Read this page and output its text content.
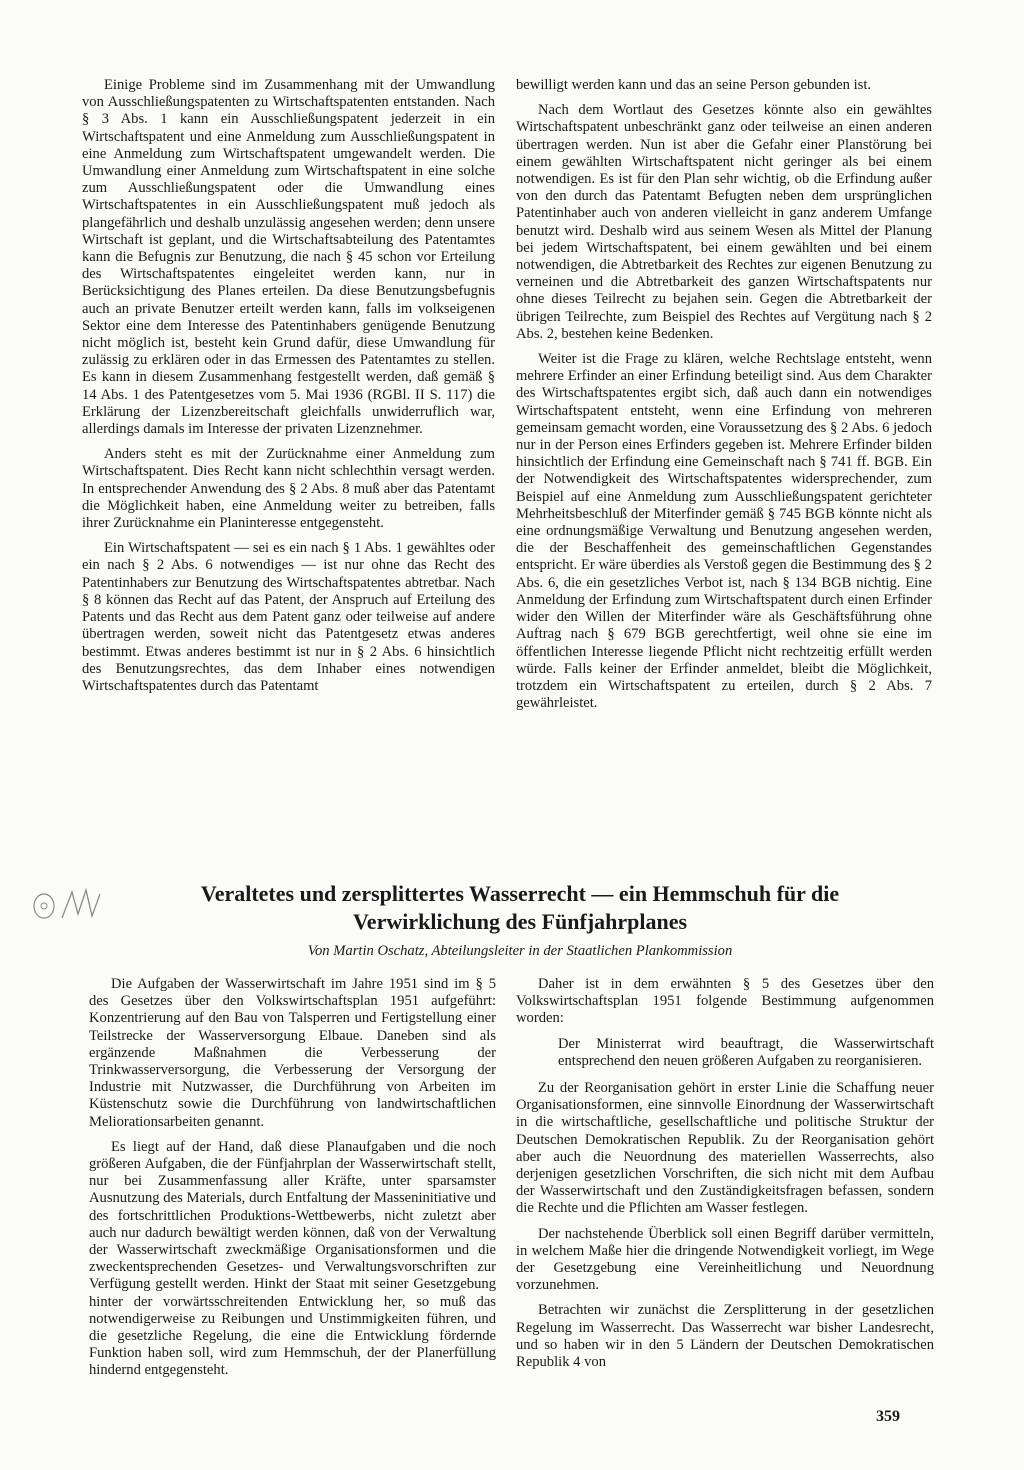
Einige Probleme sind im Zusammenhang mit der Umwandlung von Ausschließungspatenten zu Wirtschaftspatenten entstanden. Nach § 3 Abs. 1 kann ein Ausschließungspatent jederzeit in ein Wirtschaftspatent und eine Anmeldung zum Ausschließungspatent in eine Anmeldung zum Wirtschaftspatent umgewandelt werden. Die Umwandlung einer Anmeldung zum Wirtschaftspatent in eine solche zum Ausschließungspatent oder die Umwandlung eines Wirtschaftspatentes in ein Ausschließungspatent muß jedoch als plangefährlich und deshalb unzulässig angesehen werden; denn unsere Wirtschaft ist geplant, und die Wirtschaftsabteilung des Patentamtes kann die Befugnis zur Benutzung, die nach § 45 schon vor Erteilung des Wirtschaftspatentes eingeleitet werden kann, nur in Berücksichtigung des Planes erteilen. Da diese Benutzungsbefugnis auch an private Benutzer erteilt werden kann, falls im volkseigenen Sektor eine dem Interesse des Patentinhabers genügende Benutzung nicht möglich ist, besteht kein Grund dafür, diese Umwandlung für zulässig zu erklären oder in das Ermessen des Patentamtes zu stellen. Es kann in diesem Zusammenhang festgestellt werden, daß gemäß § 14 Abs. 1 des Patentgesetzes vom 5. Mai 1936 (RGBl. II S. 117) die Erklärung der Lizenzbereitschaft gleichfalls unwiderruflich war, allerdings damals im Interesse der privaten Lizenznehmer.

Anders steht es mit der Zurücknahme einer Anmeldung zum Wirtschaftspatent. Dies Recht kann nicht schlechthin versagt werden. In entsprechender Anwendung des § 2 Abs. 8 muß aber das Patentamt die Möglichkeit haben, eine Anmeldung weiter zu betreiben, falls ihrer Zurücknahme ein Planinteresse entgegensteht.

Ein Wirtschaftspatent — sei es ein nach § 1 Abs. 1 gewähltes oder ein nach § 2 Abs. 6 notwendiges — ist nur ohne das Recht des Patentinhabers zur Benutzung des Wirtschaftspatentes abtretbar. Nach § 8 können das Recht auf das Patent, der Anspruch auf Erteilung des Patents und das Recht aus dem Patent ganz oder teilweise auf andere übertragen werden, soweit nicht das Patentgesetz etwas anderes bestimmt. Etwas anderes bestimmt ist nur in § 2 Abs. 6 hinsichtlich des Benutzungsrechtes, das dem Inhaber eines notwendigen Wirtschaftspatentes durch das Patentamt

bewilligt werden kann und das an seine Person gebunden ist.

Nach dem Wortlaut des Gesetzes könnte also ein gewähltes Wirtschaftspatent unbeschränkt ganz oder teilweise an einen anderen übertragen werden. Nun ist aber die Gefahr einer Planstörung bei einem gewählten Wirtschaftspatent nicht geringer als bei einem notwendigen. Es ist für den Plan sehr wichtig, ob die Erfindung außer von den durch das Patentamt Befugten neben dem ursprünglichen Patentinhaber auch von anderen vielleicht in ganz anderem Umfange benutzt wird. Deshalb wird aus seinem Wesen als Mittel der Planung bei jedem Wirtschaftspatent, bei einem gewählten und bei einem notwendigen, die Abtretbarkeit des Rechtes zur eigenen Benutzung zu verneinen und die Abtretbarkeit des ganzen Wirtschaftspatents nur ohne dieses Teilrecht zu bejahen sein. Gegen die Abtretbarkeit der übrigen Teilrechte, zum Beispiel des Rechtes auf Vergütung nach § 2 Abs. 2, bestehen keine Bedenken.

Weiter ist die Frage zu klären, welche Rechtslage entsteht, wenn mehrere Erfinder an einer Erfindung beteiligt sind. Aus dem Charakter des Wirtschaftspatentes ergibt sich, daß auch dann ein notwendiges Wirtschaftspatent entsteht, wenn eine Erfindung von mehreren gemeinsam gemacht worden, eine Voraussetzung des § 2 Abs. 6 jedoch nur in der Person eines Erfinders gegeben ist. Mehrere Erfinder bilden hinsichtlich der Erfindung eine Gemeinschaft nach § 741 ff. BGB. Ein der Notwendigkeit des Wirtschaftspatentes widersprechender, zum Beispiel auf eine Anmeldung zum Ausschließungspatent gerichteter Mehrheitsbeschluß der Miterfinder gemäß § 745 BGB könnte nicht als eine ordnungsmäßige Verwaltung und Benutzung angesehen werden, die der Beschaffenheit des gemeinschaftlichen Gegenstandes entspricht. Er wäre überdies als Verstoß gegen die Bestimmung des § 2 Abs. 6, die ein gesetzliches Verbot ist, nach § 134 BGB nichtig. Eine Anmeldung der Erfindung zum Wirtschaftspatent durch einen Erfinder wider den Willen der Miterfinder wäre als Geschäftsführung ohne Auftrag nach § 679 BGB gerechtfertigt, weil ohne sie eine im öffentlichen Interesse liegende Pflicht nicht rechtzeitig erfüllt werden würde. Falls keiner der Erfinder anmeldet, bleibt die Möglichkeit, trotzdem ein Wirtschaftspatent zu erteilen, durch § 2 Abs. 7 gewährleistet.

Veraltetes und zersplittertes Wasserrecht — ein Hemmschuh für die
Verwirklichung des Fünfjahrplanes
Von Martin Oschatz, Abteilungsleiter in der Staatlichen Plankommission

Die Aufgaben der Wasserwirtschaft im Jahre 1951 sind im § 5 des Gesetzes über den Volkswirtschaftsplan 1951 aufgeführt: Konzentrierung auf den Bau von Talsperren und Fertigstellung einer Teilstrecke der Wasserversorgung Elbaue. Daneben sind als ergänzende Maßnahmen die Verbesserung der Trinkwasserversorgung, die Verbesserung der Versorgung der Industrie mit Nutzwasser, die Durchführung von Arbeiten im Küstenschutz sowie die Durchführung von landwirtschaftlichen Meliorationsarbeiten genannt.

Es liegt auf der Hand, daß diese Planaufgaben und die noch größeren Aufgaben, die der Fünfjahrplan der Wasserwirtschaft stellt, nur bei Zusammenfassung aller Kräfte, unter sparsamster Ausnutzung des Materials, durch Entfaltung der Masseninitiative und des fortschrittlichen Produktions-Wettbewerbs, nicht zuletzt aber auch nur dadurch bewältigt werden können, daß von der Verwaltung der Wasserwirtschaft zweckmäßige Organisationsformen und die zweckentsprechenden Gesetzes- und Verwaltungsvorschriften zur Verfügung gestellt werden. Hinkt der Staat mit seiner Gesetzgebung hinter der vorwärtsschreitenden Entwicklung her, so muß das notwendigerweise zu Reibungen und Unstimmigkeiten führen, und die gesetzliche Regelung, die eine die Entwicklung fördernde Funktion haben soll, wird zum Hemmschuh, der der Planerfüllung hindernd entgegensteht.

Daher ist in dem erwähnten § 5 des Gesetzes über den Volkswirtschaftsplan 1951 folgende Bestimmung aufgenommen worden:

Der Ministerrat wird beauftragt, die Wasserwirtschaft entsprechend den neuen größeren Aufgaben zu reorganisieren.

Zu der Reorganisation gehört in erster Linie die Schaffung neuer Organisationsformen, eine sinnvolle Einordnung der Wasserwirtschaft in die wirtschaftliche, gesellschaftliche und politische Struktur der Deutschen Demokratischen Republik. Zu der Reorganisation gehört aber auch die Neuordnung des materiellen Wasserrechts, also derjenigen gesetzlichen Vorschriften, die sich nicht mit dem Aufbau der Wasserwirtschaft und den Zuständigkeitsfragen befassen, sondern die Rechte und die Pflichten am Wasser festlegen.

Der nachstehende Überblick soll einen Begriff darüber vermitteln, in welchem Maße hier die dringende Notwendigkeit vorliegt, im Wege der Gesetzgebung eine Vereinheitlichung und Neuordnung vorzunehmen.

Betrachten wir zunächst die Zersplitterung in der gesetzlichen Regelung im Wasserrecht. Das Wasserrecht war bisher Landesrecht, und so haben wir in den 5 Ländern der Deutschen Demokratischen Republik 4 von

359
